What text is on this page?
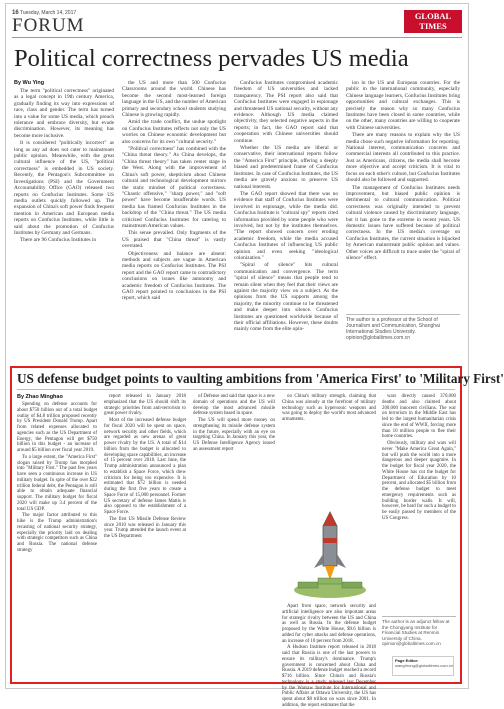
16 Tuesday, March 14, 2017
FORUM	GLOBAL
TIMES
Political correctness pervades US media
By Wu Ying

The term "political correctness" originated as a legal concept in 19th century America, gradually finding its way into expressions of race, class and gender. The term has turned into a value for some US media, which preach tolerance and embrace diversity, but evade discrimination. However, its meaning has become more inclusive.

It is considered "politically incorrect" as long as any ad does not cater to mainstream public opinion. Meanwhile, with the great cultural influence of the US, "political correctness" is embedded in US society. Recently, the Pentagon's Subcommittee on Investigations (PSI) and the Government Accountability Office (GAO) released two reports on Confucius Institutes. Some US media outlets quickly followed up. The expansion of China's soft power finds frequent mention in American and European media reports on Confucius Institutes, while little is said about the promotion of Confucius Institutes by Germany and Germans.

There are 96 Confucius Institutes in

the US and more than 500 Confucius Classrooms around the world. Chinese has become the second most-learned foreign language in the US, and the number of American primary and secondary school students studying Chinese is growing rapidly.

Amid the trade conflict, the undue spotlight on Confucius Institutes reflects not only the US worries on Chinese economic development but also concerns for its own "cultural security."

"Political correctness" has combined with the "China threat theory." As China develops, the "China threat theory" has taken center stage in the West. Along with the improvement of China's soft power, skepticism about Chinese cultural and technological development mirrors the static mindset of political correctness. "Chaotic offensive," "sharp power," and "soft power" have become insufferable words. US media has framed Confucius Institutes in the backdrop of the "China threat." The US media criticized Confucius Institutes for catering to mainstream American values.

This sense prevailed. Only fragments of the US praised that "China threat" is vastly overrated.

Objectiveness and balance are absent: methods and subjects are vague in American media reports on Confucius Institutes. The PSI report and the GAO report came to contradictory conclusions on issues like autonomy and academic freedom of Confucius Institutes. The GAO report pointed to conclusions in the PSI report, which said

Confucius Institutes compromised academic freedom of US universities and lacked transparency. The PSI report also said that Confucius Institutes were engaged in espionage and threatened US national security, without any evidence. Although US media claimed objectivity, they selected negative aspects in the reports; in fact, the GAO report said that cooperation with Chinese universities should continue.

Whether the US media are liberal or conservative, their international reports follow the "America First" principle, offering a deeply biased and predetermined frame of Confucius Institutes. In case of Confucius Institutes, the US media are gravely anxious to preserve US national interests.

The GAO report showed that there was no evidence that staff of Confucius Institutes were involved in espionage, while the media did. Confucius Institute is "cultural spy" reports cited information provided by some people who were involved, but not by the institutes themselves. "The report showed concern over eroding academic freedom, while the media accused Confucius Institutes of influencing US public opinion and even seeking "ideological colonization."

"Spiral of silence" hits cultural communication and convergence. The term "spiral of silence" means that people tend to remain silent when they feel that their views are against the majority view on a subject. As the opinions from the US supports among the majority, the minority continue to be threatened and make deeper into silence. Confucius Institutes are questioned worldwide because of their official affiliations. However, these doubts mainly come from the elite opin-

ion in the US and European countries. For the public in the international community, especially Chinese language learners, Confucius Institutes bring opportunities and cultural exchanges. This is precisely the reason why so many Confucius Institutes have been closed in some countries, while on the other, many countries are willing to cooperate with Chinese universities.

There are many reasons to explain why the US media chose such negative information for reporting. National interest, communication concerns and commercial interests all contributed to this practice. Just as Americans, citizens, the media shall become more objective and accept criticism. It is vital to focus on each other's culture, but Confucius Institutes should also be followed and supported.

The management of Confucius Institutes needs improvement, but biased public opinion is detrimental to cultural communication. Political correctness was originally intended to prevent cultural violence caused by discriminatory language, but it has gone to the extreme in recent years. US domestic issues have suffered because of political correctness. In the US media's coverage on Confucius Institutes, the current situation is hijacked by American mainstream public opinion and values. Other voices are difficult to trace under the "spiral of silence" effect.

The author is a professor at the School of Journalism and Communication, Shanghai International Studies University. opinion@globaltimes.com.cn
US defense budget points to vaulting ambitions from 'America First' to 'Military First'
By Zhao Minghao

Spending on defense accounts for about $750 billion out of a total budget outlay of $4.8 trillion proposed recently by US President Donald Trump. Apart from related expenses allocated to agencies such as the US Department of Energy, the Pentagon will get $750 billion in this budget - an increase of around $5 billion over fiscal year 2019.

To a large extent, the "America First" slogan raised by Trump has morphed into "Military First." The past few years have seen a continuous increase in US military budget. In spite of the over $22 trillion federal debt, the Pentagon is still able to obtain adequate financial support. The military budget for fiscal 2020 will make up 3.4 percent of the total US GDP.

The major factor attributed to this hike is the Trump administration's recasting of national security strategy, especially the priority laid on dealing with strategic competitors such as China and Russia. The national defense strategy

report released in January 2018 emphasized that the US should shift its strategic priorities from anti-terrorism to great power rivalry.

Most of the increased defense budget for fiscal 2020 will be spent on space, network security and other fields, which are regarded as new arenas of great power rivalry by the US. A total of $14 billion from the budget is allocated to developing space capabilities, an increase of 15 percent over 2018. Last June, the Trump administration announced a plan to establish a Space Force, which drew criticism for being too expensive. It is estimated that $72 billion is needed during the first five years to create a Space Force of 15,000 personnel. Former US secretary of defense James Mattis is also opposed to the establishment of a Space Force.

The first US Missile Defense Review since 2010 was released in January this year. Trump attended the launch event at the US Department

of Defense and said that space is a new domain of operations and the US will develop the most advanced missile defense system based in space.

The US will spend more money on strengthening its missile defense system in the future, especially with an eye on targeting China. In January this year, the US Defense Intelligence Agency issued an assessment report

on China's military strength, claiming that China was already at the forefront of military technology such as hypersonic weapons and was going to deploy the world's most advanced armaments.

Apart from space, network security and artificial intelligence are also important areas for strategic rivalry between the US and China as well as Russia. In the defense budget proposed by the White House, $9.6 billion is added for cyber attacks and defense operations, an increase of 10 percent from 2018.

A Hudson Institute report released in 2018 said that Russia is one of the last powers to ensure its military's dominance. Trump's government is concerned about China and Russia. A 2019 defense budget reached a record $716 billion. Since China's and Russia's technology is a study released last December by the Warsaw Institute for International and Public Affairs at Ottawa University, the US has spent about $8 trillion on wars since 2001. In addition, the report estimates that the

wars directly caused 370,000 deaths and also claimed about 200,000 innocent civilians. The war on terrorism in the Middle East has led to the largest humanitarian crisis since the end of WWII, forcing more than 10 million people to flee their home countries.

Obviously, military and wars will never "Make America Great Again," but will push the world into a more dangerous and deeper quagmire. In the budget for fiscal year 2020, the White House has cut the budget for Department of Education by 10 percent, and allocated $5 billion from the defense budget to meet emergency requirements such as building border walls. It will, however, be hard for such a budget to be easily passed by members of the US Congress.

The author is an adjunct fellow at the Chongyang Institute for Financial Studies at Renmin University of China. opinion@globaltimes.com.cn
Page Editor:
wangrhong@globaltimes.com.cn
